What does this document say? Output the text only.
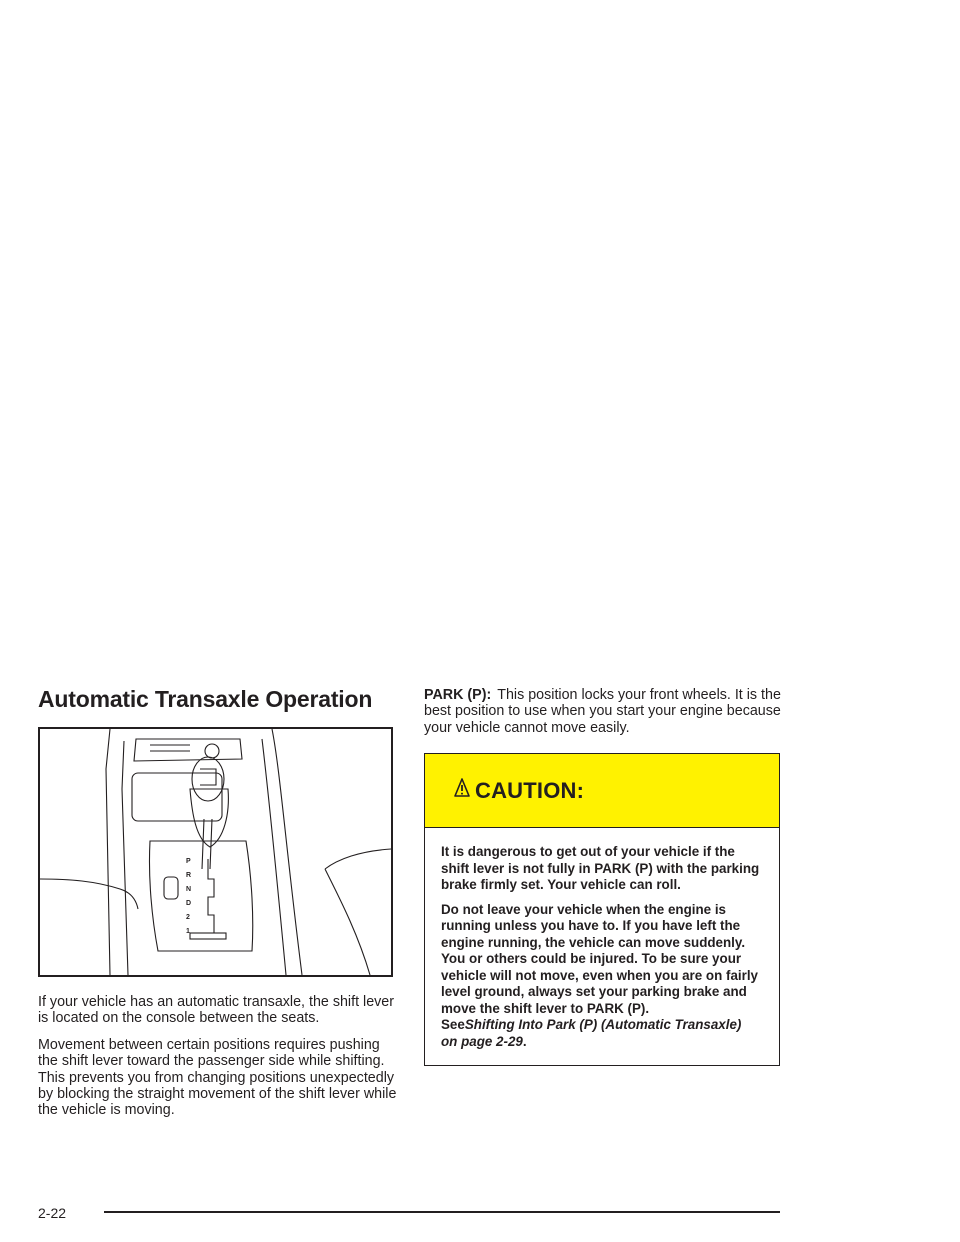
Automatic Transaxle Operation
P
R
N
D
2
1

If your vehicle has an automatic transaxle, the shift lever is located on the console between the seats.

Movement between certain positions requires pushing the shift lever toward the passenger side while shifting. This prevents you from changing positions unexpectedly by blocking the straight movement of the shift lever while the vehicle is moving.

PARK (P): This position locks your front wheels. It is the best position to use when you start your engine because your vehicle cannot move easily.

CAUTION:

It is dangerous to get out of your vehicle if the shift lever is not fully in PARK (P) with the parking brake firmly set. Your vehicle can roll.

Do not leave your vehicle when the engine is running unless you have to. If you have left the engine running, the vehicle can move suddenly. You or others could be injured. To be sure your vehicle will not move, even when you are on fairly level ground, always set your parking brake and move the shift lever to PARK (P).
SeeShifting Into Park (P) (Automatic Transaxle) on page 2-29.

2-22
